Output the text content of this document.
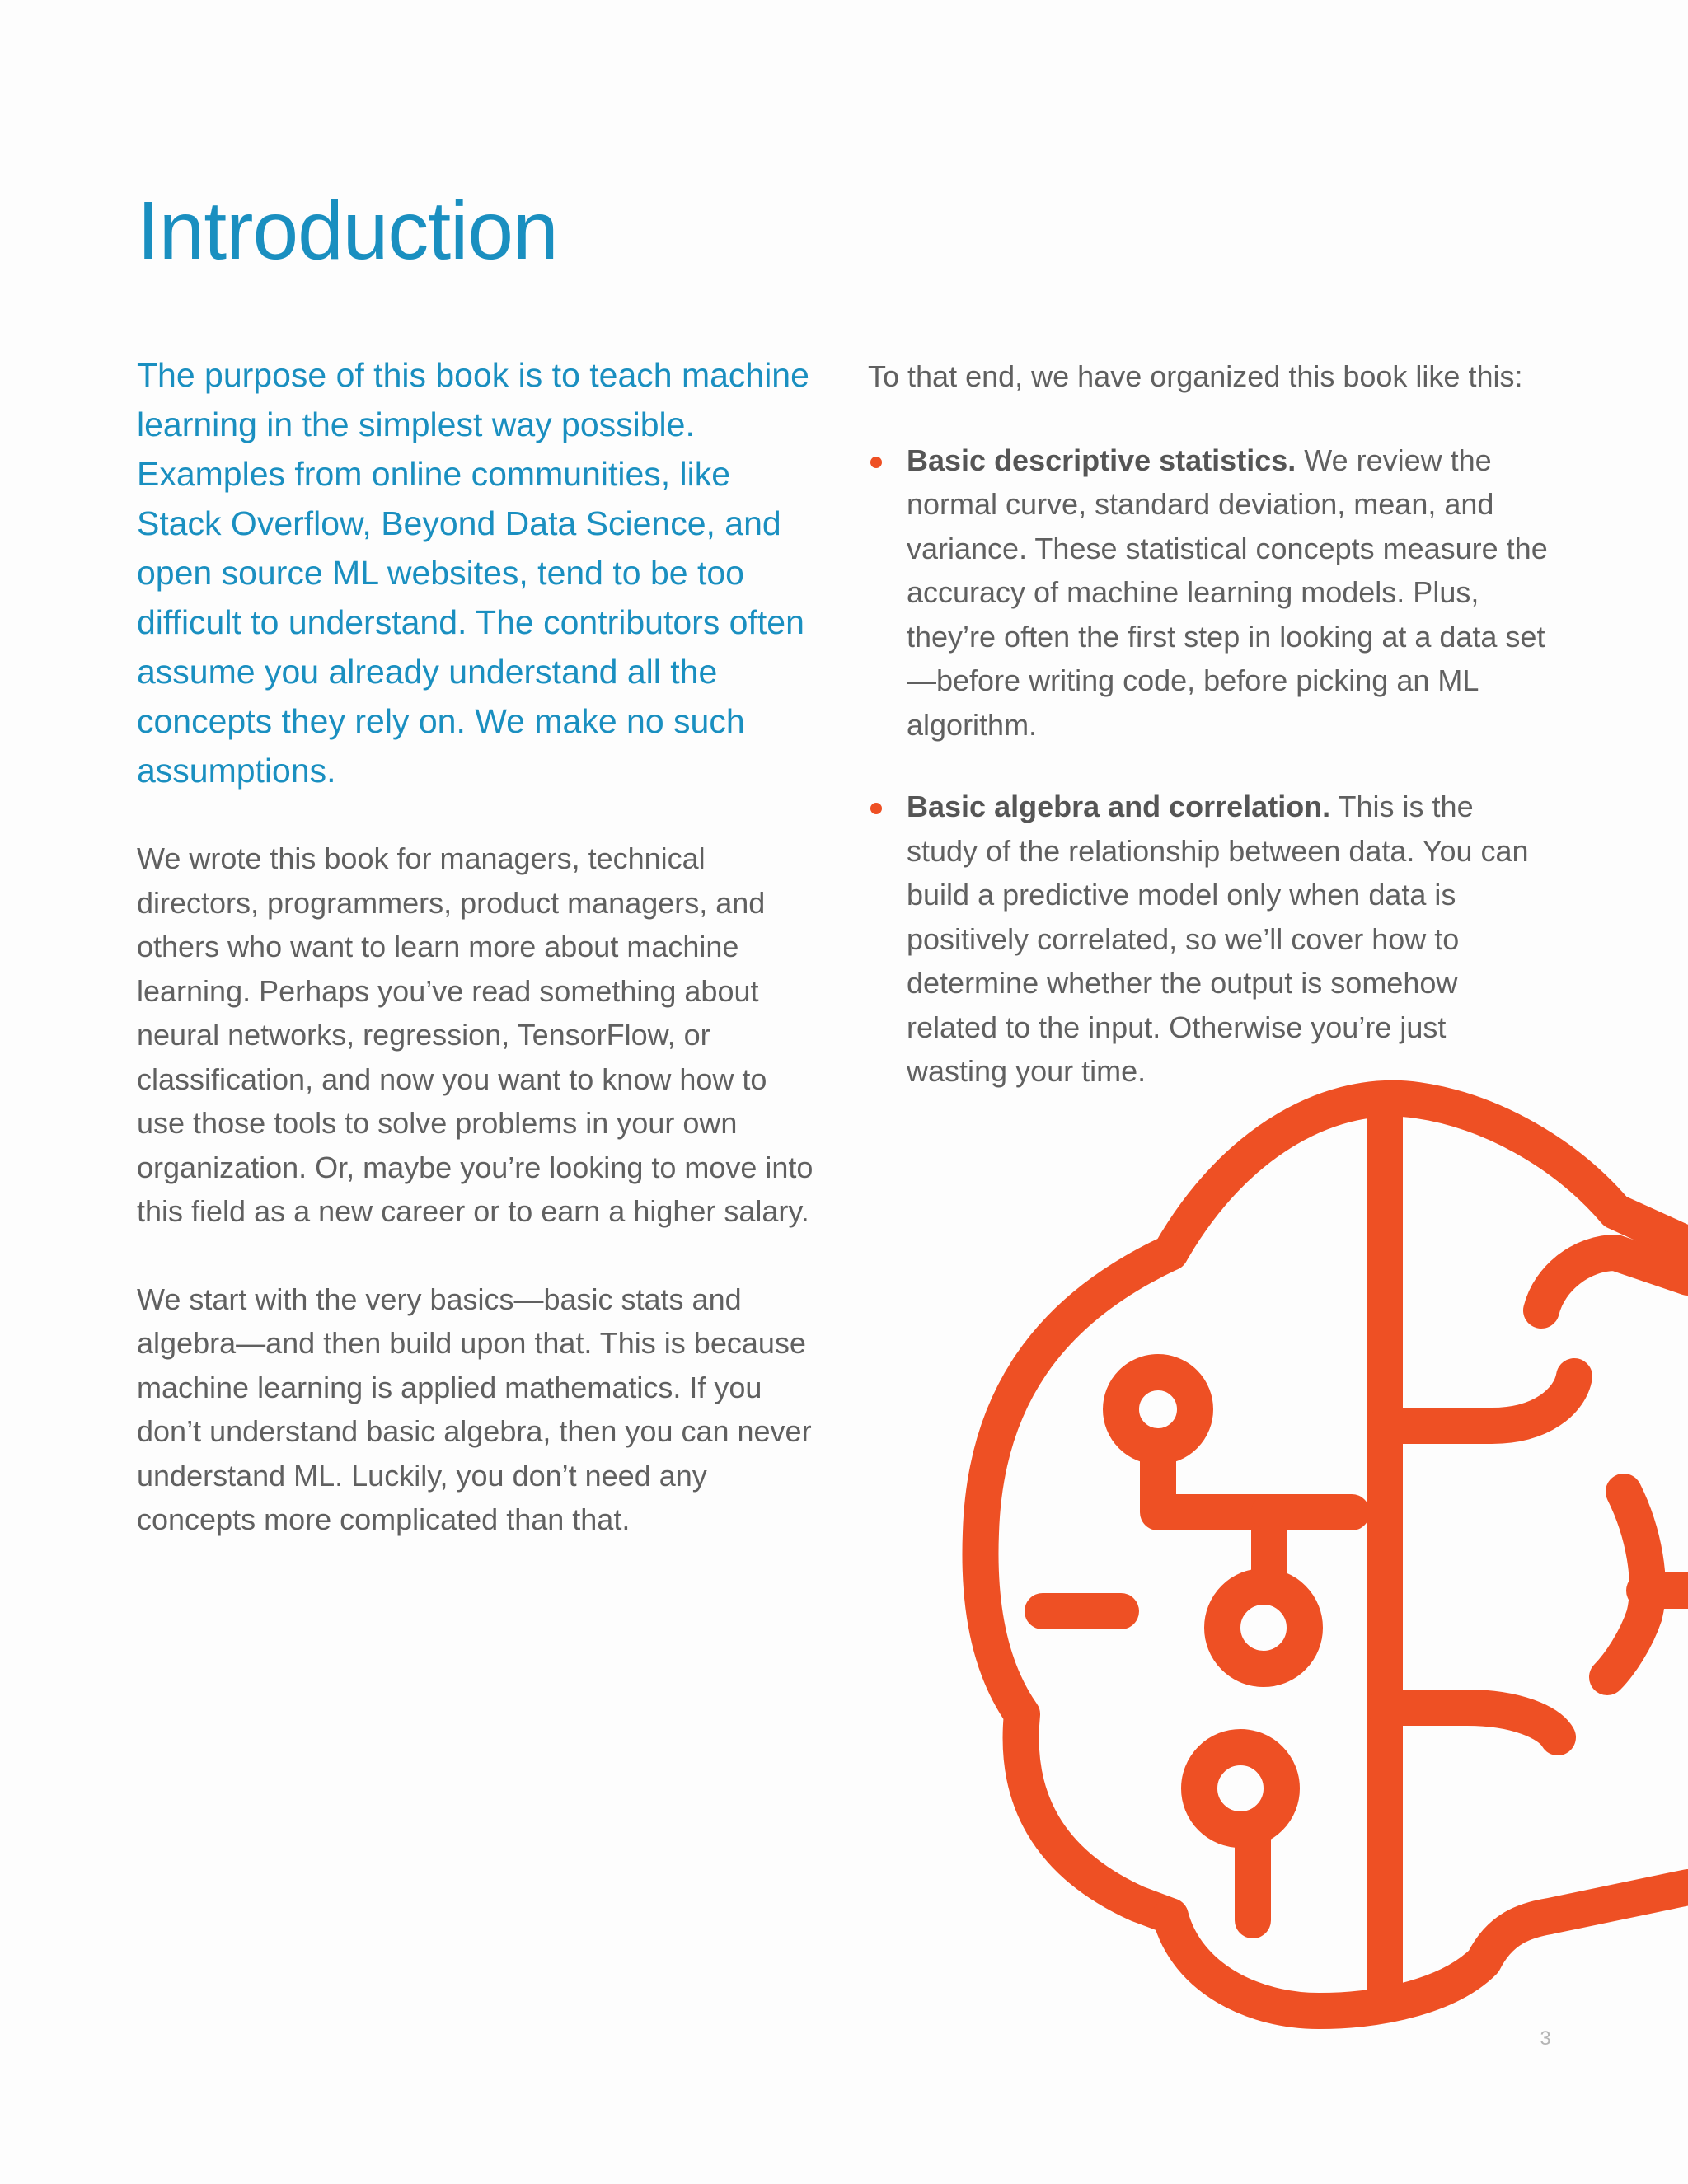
Introduction

The purpose of this book is to teach machine learning in the simplest way possible. Examples from online communities, like Stack Overflow, Beyond Data Science, and open source ML websites, tend to be too difficult to understand. The contributors often assume you already understand all the concepts they rely on. We make no such assumptions.

We wrote this book for managers, technical directors, programmers, product managers, and others who want to learn more about machine learning. Perhaps you’ve read something about neural networks, regression, TensorFlow, or classification, and now you want to know how to use those tools to solve problems in your own organization. Or, maybe you’re looking to move into this field as a new career or to earn a higher salary.

We start with the very basics—basic stats and algebra—and then build upon that. This is because machine learning is applied mathematics. If you don’t understand basic algebra, then you can never understand ML. Luckily, you don’t need any concepts more complicated than that.

To that end, we have organized this book like this:

Basic descriptive statistics. We review the normal curve, standard deviation, mean, and variance. These statistical concepts measure the accuracy of machine learning models. Plus, they’re often the first step in looking at a data set—before writing code, before picking an ML algorithm.
Basic algebra and correlation. This is the study of the relationship between data. You can build a predictive model only when data is positively correlated, so we’ll cover how to determine whether the output is somehow related to the input. Otherwise you’re just wasting your time.
3
